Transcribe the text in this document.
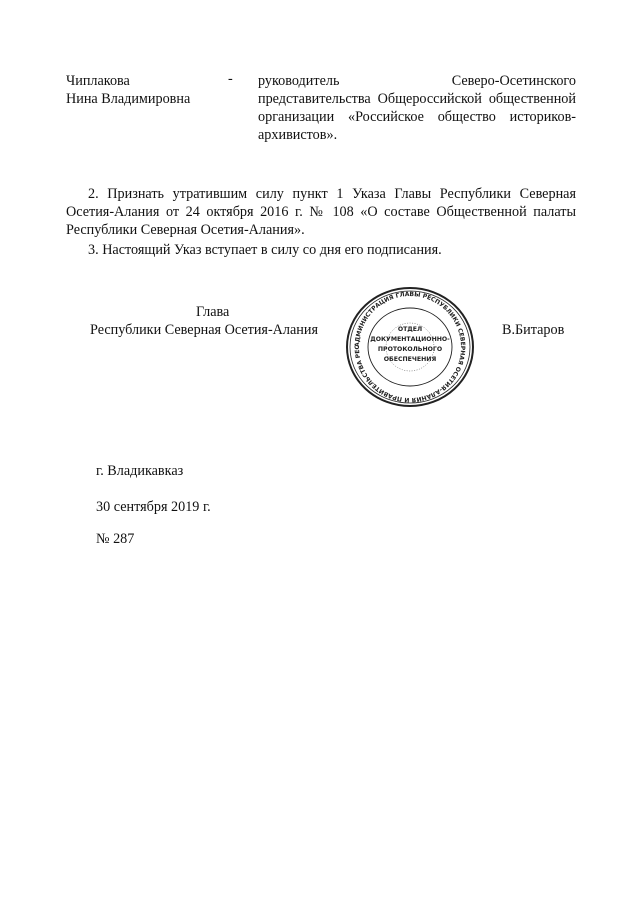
Чиплакова
Нина Владимировна
- руководитель Северо-Осетинского
представительства Общероссийской общественной
организации «Российское общество историков-
архивистов».
2. Признать утратившим силу пункт 1 Указа Главы Республики Северная
Осетия-Алания от 24 октября 2016 г. № 108 «О составе Общественной палаты
Республики Северная Осетия-Алания».
3. Настоящий Указ вступает в силу со дня его подписания.
Глава
Республики Северная Осетия-Алания	В.Битаров
АДМИНИСТРАЦИЯ ГЛАВЫ РЕСПУБЛИКИ СЕВЕРНАЯ ОСЕТИЯ-АЛАНИЯ И ПРАВИТЕЛЬСТВА РЕС
ОТДЕЛ
ДОКУМЕНТАЦИОННО-
ПРОТОКОЛЬНОГО
ОБЕСПЕЧЕНИЯ
г. Владикавказ
30 сентября 2019 г.
№ 287
